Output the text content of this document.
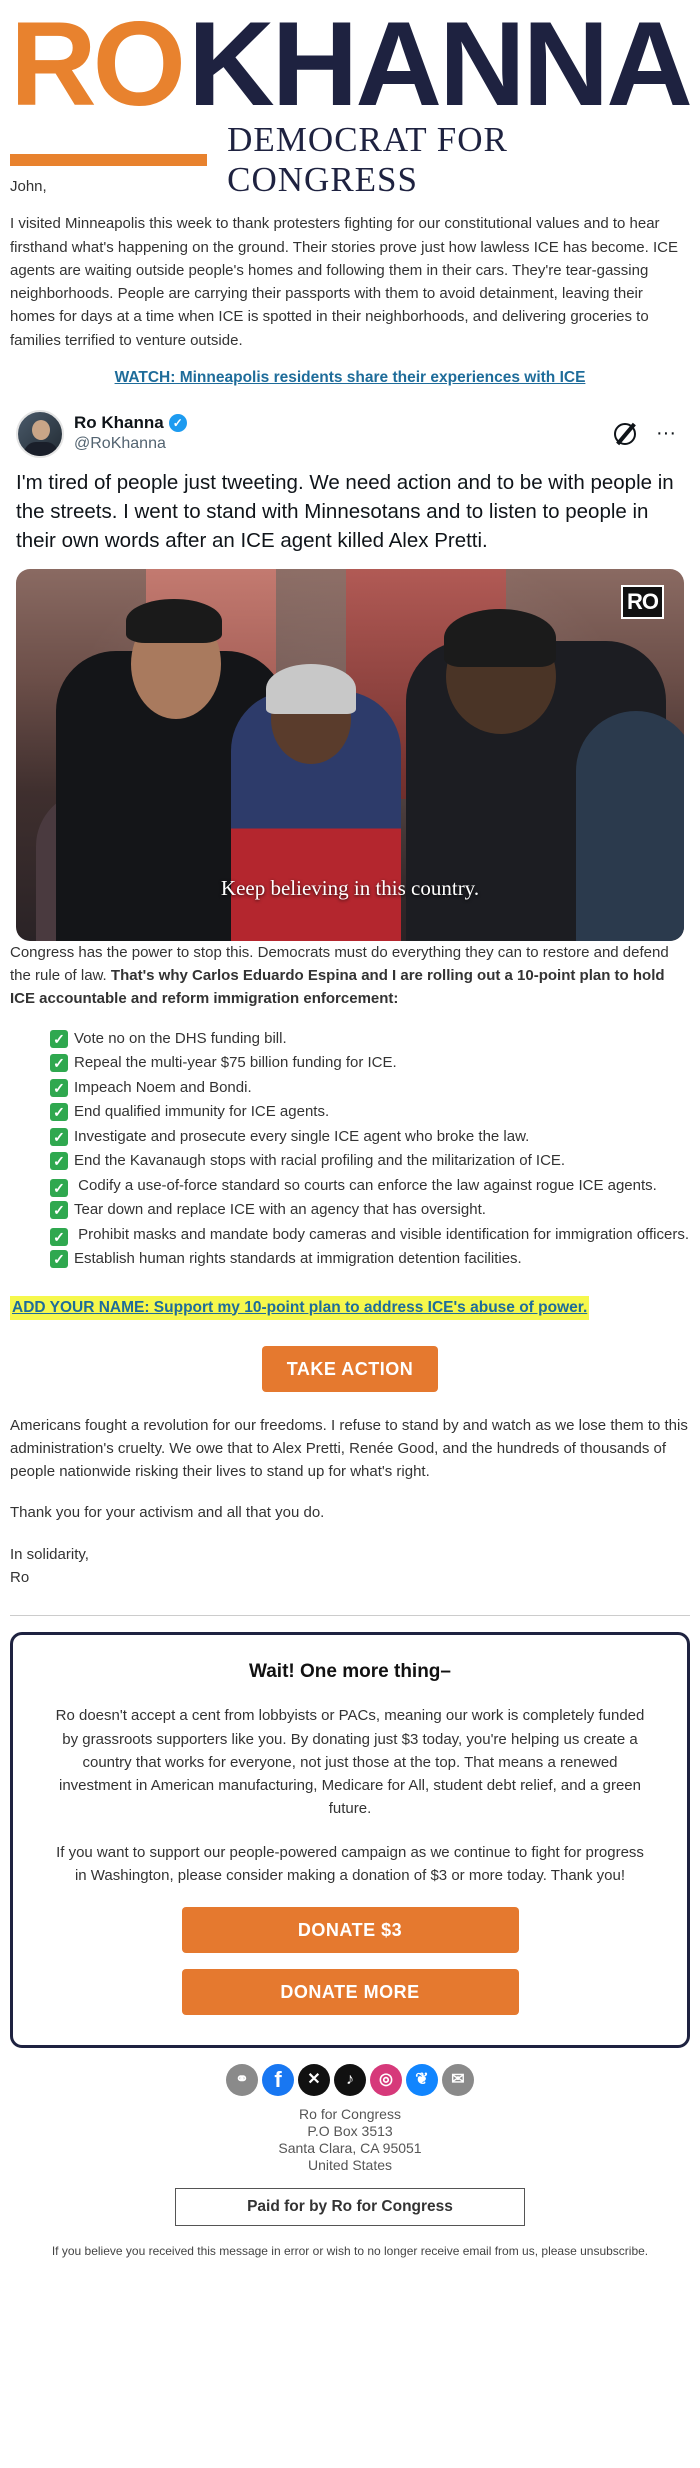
RO KHANNA
DEMOCRAT FOR CONGRESS

John,

I visited Minneapolis this week to thank protesters fighting for our constitutional values and to hear firsthand what's happening on the ground. Their stories prove just how lawless ICE has become. ICE agents are waiting outside people's homes and following them in their cars. They're tear-gassing neighborhoods. People are carrying their passports with them to avoid detainment, leaving their homes for days at a time when ICE is spotted in their neighborhoods, and delivering groceries to families terrified to venture outside.

WATCH: Minneapolis residents share their experiences with ICE
Ro Khanna ✓
@RoKhanna	···
I'm tired of people just tweeting. We need action and to be with people in the streets. I went to stand with Minnesotans and to listen to people in their own words after an ICE agent killed Alex Pretti.
RO
Keep believing in this country.

Congress has the power to stop this. Democrats must do everything they can to restore and defend the rule of law. That's why Carlos Eduardo Espina and I are rolling out a 10-point plan to hold ICE accountable and reform immigration enforcement:

✓ Vote no on the DHS funding bill.
✓ Repeal the multi-year $75 billion funding for ICE.
✓ Impeach Noem and Bondi.
✓ End qualified immunity for ICE agents.
✓ Investigate and prosecute every single ICE agent who broke the law.
✓ End the Kavanaugh stops with racial profiling and the militarization of ICE.
✓ Codify a use-of-force standard so courts can enforce the law against rogue ICE agents.
✓ Tear down and replace ICE with an agency that has oversight.
✓ Prohibit masks and mandate body cameras and visible identification for immigration officers.
✓ Establish human rights standards at immigration detention facilities.
ADD YOUR NAME: Support my 10-point plan to address ICE's abuse of power.
TAKE ACTION

Americans fought a revolution for our freedoms. I refuse to stand by and watch as we lose them to this administration's cruelty. We owe that to Alex Pretti, Renée Good, and the hundreds of thousands of people nationwide risking their lives to stand up for what's right.

Thank you for your activism and all that you do.

In solidarity,

Ro

Wait! One more thing–

Ro doesn't accept a cent from lobbyists or PACs, meaning our work is completely funded by grassroots supporters like you. By donating just $3 today, you're helping us create a country that works for everyone, not just those at the top. That means a renewed investment in American manufacturing, Medicare for All, student debt relief, and a green future.

If you want to support our people-powered campaign as we continue to fight for progress in Washington, please consider making a donation of $3 or more today. Thank you!

DONATE $3
DONATE MORE
⚭	f	✕	♪	◎	❦	✉
Ro for Congress
P.O Box 3513
Santa Clara, CA 95051
United States
Paid for by Ro for Congress
If you believe you received this message in error or wish to no longer receive email from us, please unsubscribe.
